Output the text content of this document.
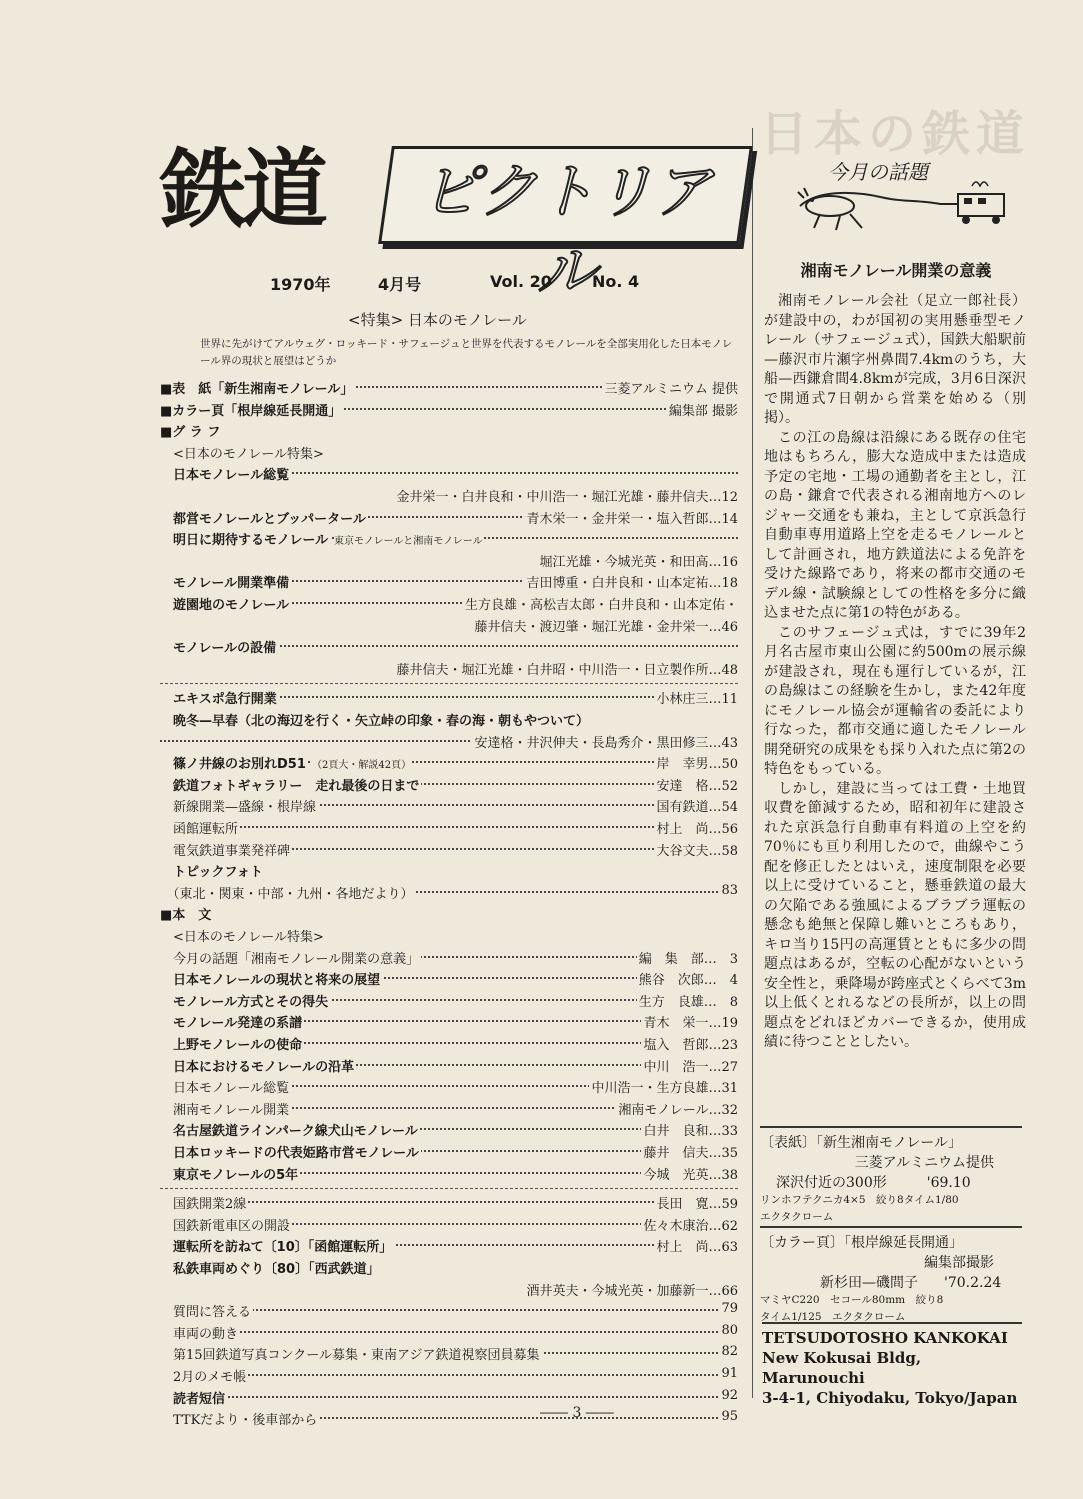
日本の鉄道
鉄道	ピクトリアル
1970年	4月号	Vol. 20	No. 4
<特集> 日本のモノレール
世界に先がけてアルウェグ・ロッキード・サフェージュと世界を代表するモノレールを全部実用化した日本モノレール界の現状と展望はどうか
■表　紙「新生湘南モノレール」	三菱アルミニウム 提供
■カラー頁「根岸線延長開通」	編集部 撮影
■グ ラ フ
　<日本のモノレール特集>
　日本モノレール総覧
金井栄一・白井良和・中川浩一・堀江光雄・藤井信夫…12
　都営モノレールとブッパータール	青木栄一・金井栄一・塩入哲郎…14
　明日に期待するモノレール 東京モノレールと湘南モノレール
堀江光雄・今城光英・和田高…16
　モノレール開業準備	吉田博重・白井良和・山本定祐…18
　遊園地のモノレール	生方良雄・高松吉太郎・白井良和・山本定佑・
藤井信夫・渡辺肇・堀江光雄・金井栄一…46
　モノレールの設備
藤井信夫・堀江光雄・白井昭・中川浩一・日立製作所…48
　エキスポ急行開業	小林庄三…11
　晩冬—早春（北の海辺を行く・矢立峠の印象・春の海・朝もやついて）
安達格・井沢伸夫・長島秀介・黒田修三…43
　篠ノ井線のお別れD51 （2頁大・解説42頁）	岸　幸男…50
　鉄道フォトギャラリー　走れ最後の日まで	安達　格…52
　新線開業—盛線・根岸線	国有鉄道…54
　函館運転所	村上　尚…56
　電気鉄道事業発祥碑	大谷文夫…58
　トピックフォト
　（東北・関東・中部・九州・各地だより）	83
■本　文
　<日本のモノレール特集>
　今月の話題「湘南モノレール開業の意義」	編　集　部…　3
　日本モノレールの現状と将来の展望	熊谷　次郎…　4
　モノレール方式とその得失	生方　良雄…　8
　モノレール発達の系譜	青木　栄一…19
　上野モノレールの使命	塩入　哲郎…23
　日本におけるモノレールの沿革	中川　浩一…27
　日本モノレール総覧	中川浩一・生方良雄…31
　湘南モノレール開業	湘南モノレール…32
　名古屋鉄道ラインパーク線犬山モノレール	白井　良和…33
　日本ロッキードの代表姫路市営モノレール	藤井　信夫…35
　東京モノレールの5年	今城　光英…38
　国鉄開業2線	長田　寛…59
　国鉄新電車区の開設	佐々木康治…62
　運転所を訪ねて〔10〕「函館運転所」	村上　尚…63
　私鉄車両めぐり〔80〕「西武鉄道」
酒井英夫・今城光英・加藤新一…66
　質問に答える	79
　車両の動き	80
　第15回鉄道写真コンクール募集・東南アジア鉄道視察団員募集	82
　2月のメモ帳	91
　読者短信	92
　TTKだより・後車部から	95
今月の話題
湘南モノレール開業の意義

湘南モノレール会社（足立一郎社長）が建設中の，わが国初の実用懸垂型モノレール（サフェージュ式），国鉄大船駅前—藤沢市片瀬字州鼻間7.4kmのうち，大船—西鎌倉間4.8kmが完成，3月6日深沢で開通式7日朝から営業を始める（別掲）。

この江の島線は沿線にある既存の住宅地はもちろん，膨大な造成中または造成予定の宅地・工場の通勤者を主とし，江の島・鎌倉で代表される湘南地方へのレジャー交通をも兼ね，主として京浜急行自動車専用道路上空を走るモノレールとして計画され，地方鉄道法による免許を受けた線路であり，将来の都市交通のモデル線・試験線としての性格を多分に織込ませた点に第1の特色がある。

このサフェージュ式は，すでに39年2月名古屋市東山公園に約500mの展示線が建設され，現在も運行しているが，江の島線はこの経験を生かし，また42年度にモノレール協会が運輸省の委託により行なった，都市交通に適したモノレール開発研究の成果をも採り入れた点に第2の特色をもっている。

しかし，建設に当っては工費・土地買収費を節減するため，昭和初年に建設された京浜急行自動車有料道の上空を約70％にも亘り利用したので，曲線やこう配を修正したとはいえ，速度制限を必要以上に受けていること，懸垂鉄道の最大の欠陥である強風によるブラブラ運転の懸念も絶無と保障し難いところもあり，キロ当り15円の高運賃とともに多少の問題点はあるが，空転の心配がないという安全性と，乗降場が跨座式とくらべて3m以上低くとれるなどの長所が，以上の問題点をどれほどカバーできるか，使用成績に待つこととしたい。

〔表紙〕「新生湘南モノレール」
三菱アルミニウム提供
深沢付近の300形	'69.10
リンホフテクニカ4×5　絞り8タイム1/80
エクタクローム
〔カラー頁〕「根岸線延長開通」
編集部撮影
新杉田—磯間子 '70.2.24
マミヤC220　セコール80mm　絞り8
タイム1/125　エクタクローム
TETSUDOTOSHO KANKOKAI
New Kokusai Bldg, Marunouchi
3-4-1, Chiyodaku, Tokyo/Japan
―― 3 ――
